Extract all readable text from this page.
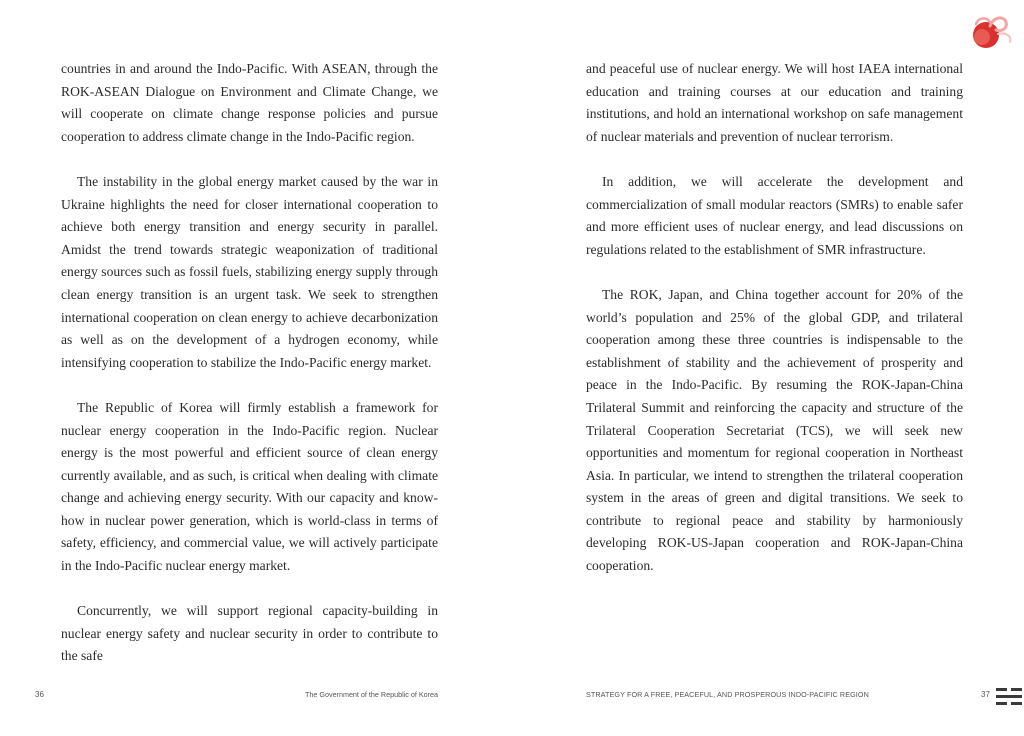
countries in and around the Indo-Pacific. With ASEAN, through the ROK-ASEAN Dialogue on Environment and Climate Change, we will cooperate on climate change response policies and pursue cooperation to address climate change in the Indo-Pacific region.

The instability in the global energy market caused by the war in Ukraine highlights the need for closer international cooperation to achieve both energy transition and energy security in parallel. Amidst the trend towards strategic weaponization of traditional energy sources such as fossil fuels, stabilizing energy supply through clean energy transition is an urgent task. We seek to strengthen international cooperation on clean energy to achieve decarbonization as well as on the development of a hydrogen economy, while intensifying cooperation to stabilize the Indo-Pacific energy market.

The Republic of Korea will firmly establish a framework for nuclear energy cooperation in the Indo-Pacific region. Nuclear energy is the most powerful and efficient source of clean energy currently available, and as such, is critical when dealing with climate change and achieving energy security. With our capacity and know-how in nuclear power generation, which is world-class in terms of safety, efficiency, and commercial value, we will actively participate in the Indo-Pacific nuclear energy market.

Concurrently, we will support regional capacity-building in nuclear energy safety and nuclear security in order to contribute to the safe

and peaceful use of nuclear energy. We will host IAEA international education and training courses at our education and training institutions, and hold an international workshop on safe management of nuclear materials and prevention of nuclear terrorism.

In addition, we will accelerate the development and commercialization of small modular reactors (SMRs) to enable safer and more efficient uses of nuclear energy, and lead discussions on regulations related to the establishment of SMR infrastructure.

The ROK, Japan, and China together account for 20% of the world’s population and 25% of the global GDP, and trilateral cooperation among these three countries is indispensable to the establishment of stability and the achievement of prosperity and peace in the Indo-Pacific. By resuming the ROK-Japan-China Trilateral Summit and reinforcing the capacity and structure of the Trilateral Cooperation Secretariat (TCS), we will seek new opportunities and momentum for regional cooperation in Northeast Asia. In particular, we intend to strengthen the trilateral cooperation system in the areas of green and digital transitions. We seek to contribute to regional peace and stability by harmoniously developing ROK-US-Japan cooperation and ROK-Japan-China cooperation.

36	The Government of the Republic of Korea	STRATEGY FOR A FREE, PEACEFUL, AND PROSPEROUS INDO-PACIFIC REGION	37
